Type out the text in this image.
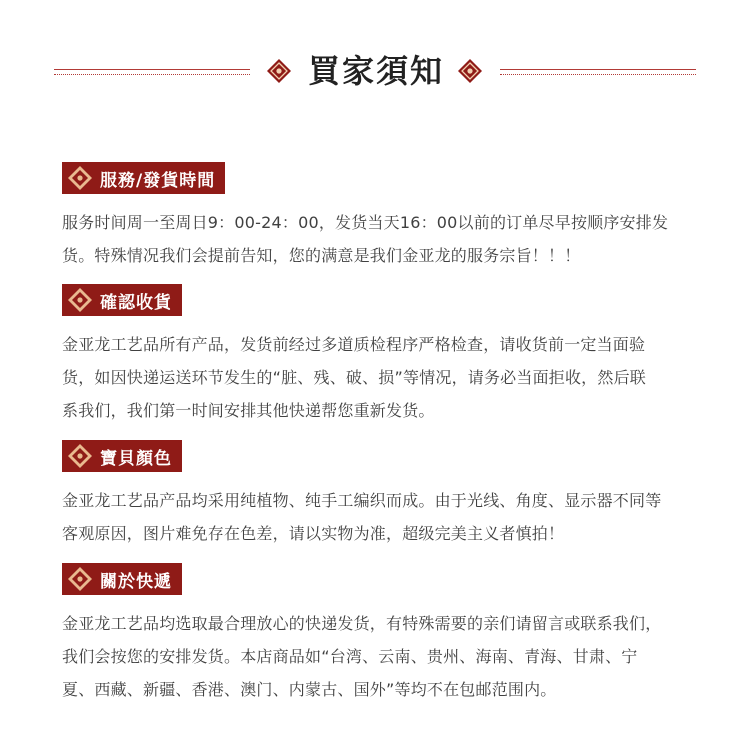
買家須知
服務/發貨時間
服务时间周一至周日9：00-24：00，发货当天16：00以前的订单尽早按顺序安排发
货。特殊情况我们会提前告知，您的满意是我们金亚龙的服务宗旨！！！
確認收貨
金亚龙工艺品所有产品，发货前经过多道质检程序严格检查，请收货前一定当面验
货，如因快递运送环节发生的“脏、残、破、损”等情况，请务必当面拒收，然后联
系我们，我们第一时间安排其他快递帮您重新发货。
寶貝顏色
金亚龙工艺品产品均采用纯植物、纯手工编织而成。由于光线、角度、显示器不同等
客观原因，图片难免存在色差，请以实物为准，超级完美主义者慎拍！
關於快遞
金亚龙工艺品均选取最合理放心的快递发货，有特殊需要的亲们请留言或联系我们，
我们会按您的安排发货。本店商品如“台湾、云南、贵州、海南、青海、甘肃、宁
夏、西藏、新疆、香港、澳门、内蒙古、国外”等均不在包邮范围内。
